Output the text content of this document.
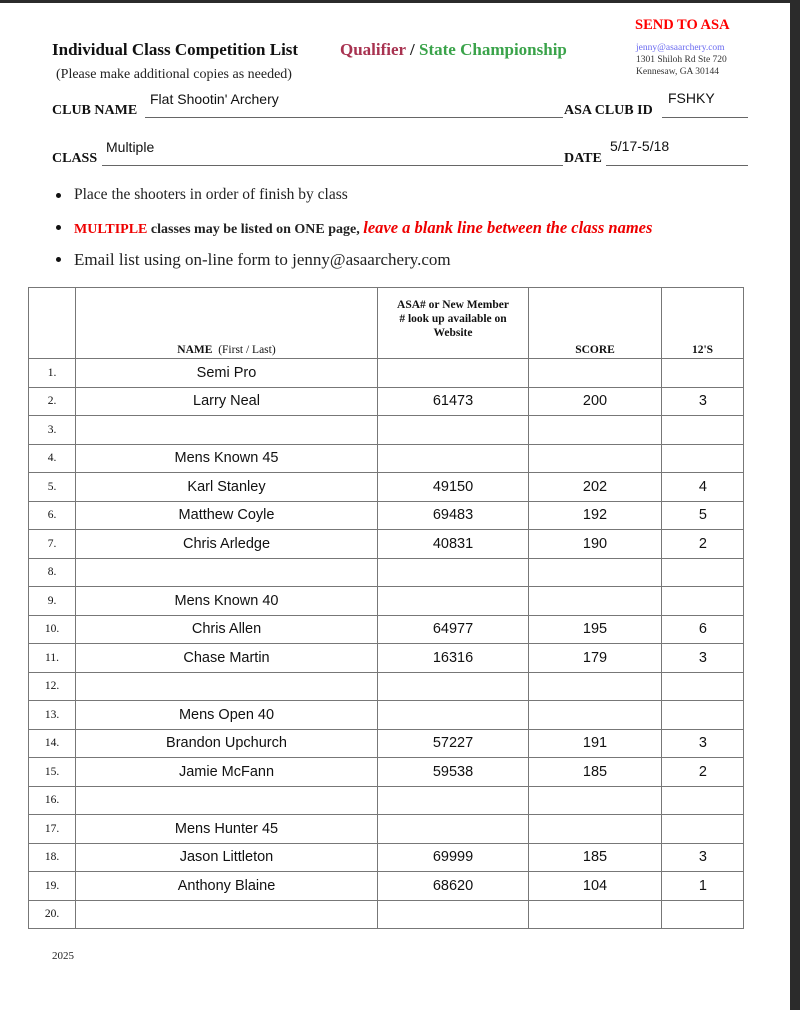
SEND TO ASA
Individual Class Competition List Qualifier / State Championship
(Please make additional copies as needed)
jenny@asaarchery.com
1301 Shiloh Rd Ste 720
Kennesaw, GA 30144
CLUB NAME
Flat Shootin' Archery
ASA CLUB ID
FSHKY
CLASS
Multiple
DATE
5/17-5/18
Place the shooters in order of finish by class
MULTIPLE classes may be listed on ONE page, leave a blank line between the class names
Email list using on-line form to jenny@asaarchery.com
	NAME (First / Last)	ASA# or New Member
# look up available on
Website	SCORE	12'S
1.	Semi Pro			
2.	Larry Neal	61473	200	3
3.				
4.	Mens Known 45			
5.	Karl Stanley	49150	202	4
6.	Matthew Coyle	69483	192	5
7.	Chris Arledge	40831	190	2
8.				
9.	Mens Known 40			
10.	Chris Allen	64977	195	6
11.	Chase Martin	16316	179	3
12.				
13.	Mens Open 40			
14.	Brandon Upchurch	57227	191	3
15.	Jamie McFann	59538	185	2
16.				
17.	Mens Hunter 45			
18.	Jason Littleton	69999	185	3
19.	Anthony Blaine	68620	104	1
20.				
2025
